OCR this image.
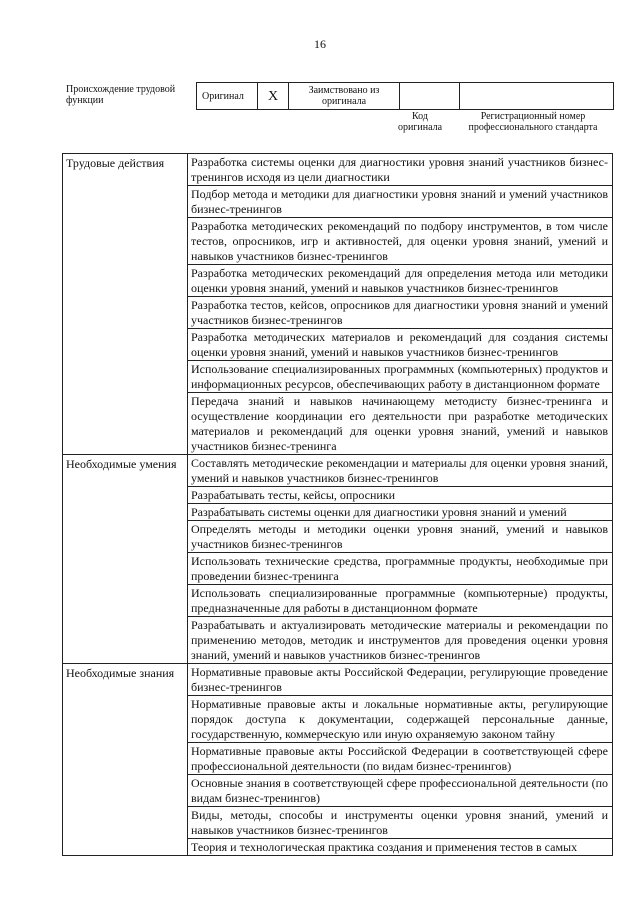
16
Происхождение трудовой функции	Оригинал	X	Заимствовано из оригинала		
Код оригинала
Регистрационный номер профессионального стандарта
Трудовые действия	Разработка системы оценки для диагностики уровня знаний участников бизнес-тренингов исходя из цели диагностики
	Подбор метода и методики для диагностики уровня знаний и умений участников бизнес-тренингов
	Разработка методических рекомендаций по подбору инструментов, в том числе тестов, опросников, игр и активностей, для оценки уровня знаний, умений и навыков участников бизнес-тренингов
	Разработка методических рекомендаций для определения метода или методики оценки уровня знаний, умений и навыков участников бизнес-тренингов
	Разработка тестов, кейсов, опросников для диагностики уровня знаний и умений участников бизнес-тренингов
	Разработка методических материалов и рекомендаций для создания системы оценки уровня знаний, умений и навыков участников бизнес-тренингов
	Использование специализированных программных (компьютерных) продуктов и информационных ресурсов, обеспечивающих работу в дистанционном формате
	Передача знаний и навыков начинающему методисту бизнес-тренинга и осуществление координации его деятельности при разработке методических материалов и рекомендаций для оценки уровня знаний, умений и навыков участников бизнес-тренинга
Необходимые умения	Составлять методические рекомендации и материалы для оценки уровня знаний, умений и навыков участников бизнес-тренингов
	Разрабатывать тесты, кейсы, опросники
	Разрабатывать системы оценки для диагностики уровня знаний и умений
	Определять методы и методики оценки уровня знаний, умений и навыков участников бизнес-тренингов
	Использовать технические средства, программные продукты, необходимые при проведении бизнес-тренинга
	Использовать специализированные программные (компьютерные) продукты, предназначенные для работы в дистанционном формате
	Разрабатывать и актуализировать методические материалы и рекомендации по применению методов, методик и инструментов для проведения оценки уровня знаний, умений и навыков участников бизнес-тренингов
Необходимые знания	Нормативные правовые акты Российской Федерации, регулирующие проведение бизнес-тренингов
	Нормативные правовые акты и локальные нормативные акты, регулирующие порядок доступа к документации, содержащей персональные данные, государственную, коммерческую или иную охраняемую законом тайну
	Нормативные правовые акты Российской Федерации в соответствующей сфере профессиональной деятельности (по видам бизнес-тренингов)
	Основные знания в соответствующей сфере профессиональной деятельности (по видам бизнес-тренингов)
	Виды, методы, способы и инструменты оценки уровня знаний, умений и навыков участников бизнес-тренингов
	Теория и технологическая практика создания и применения тестов в самых
